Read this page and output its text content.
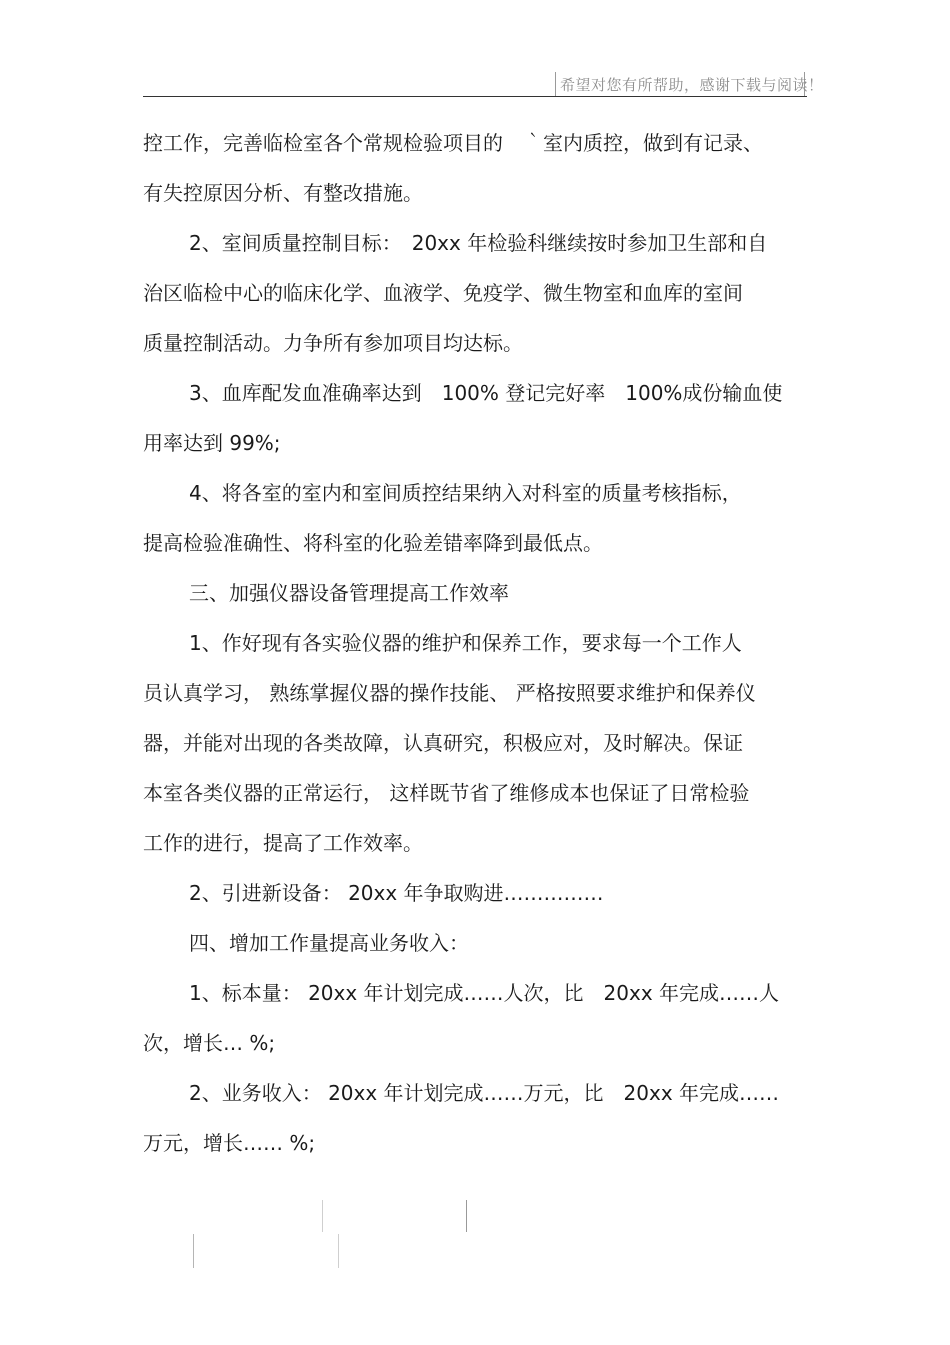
希望对您有所帮助，感谢下载与阅读！
控工作，完善临检室各个常规检验项目的　｀室内质控，做到有记录、
有失控原因分析、有整改措施。
2、室间质量控制目标：　20xx 年检验科继续按时参加卫生部和自
治区临检中心的临床化学、血液学、免疫学、微生物室和血库的室间
质量控制活动。力争所有参加项目均达标。
3、血库配发血准确率达到　100% 登记完好率　100%成份输血使
用率达到 99%;
4、将各室的室内和室间质控结果纳入对科室的质量考核指标，
提高检验准确性、将科室的化验差错率降到最低点。
三、加强仪器设备管理提高工作效率
1、作好现有各实验仪器的维护和保养工作，要求每一个工作人
员认真学习， 熟练掌握仪器的操作技能、 严格按照要求维护和保养仪
器，并能对出现的各类故障，认真研究，积极应对，及时解决。保证
本室各类仪器的正常运行， 这样既节省了维修成本也保证了日常检验
工作的进行，提高了工作效率。
2、引进新设备： 20xx 年争取购进……………
四、增加工作量提高业务收入：
1、标本量： 20xx 年计划完成……人次，比　20xx 年完成……人
次，增长… %;
2、业务收入： 20xx 年计划完成……万元，比　20xx 年完成……
万元，增长…… %;
